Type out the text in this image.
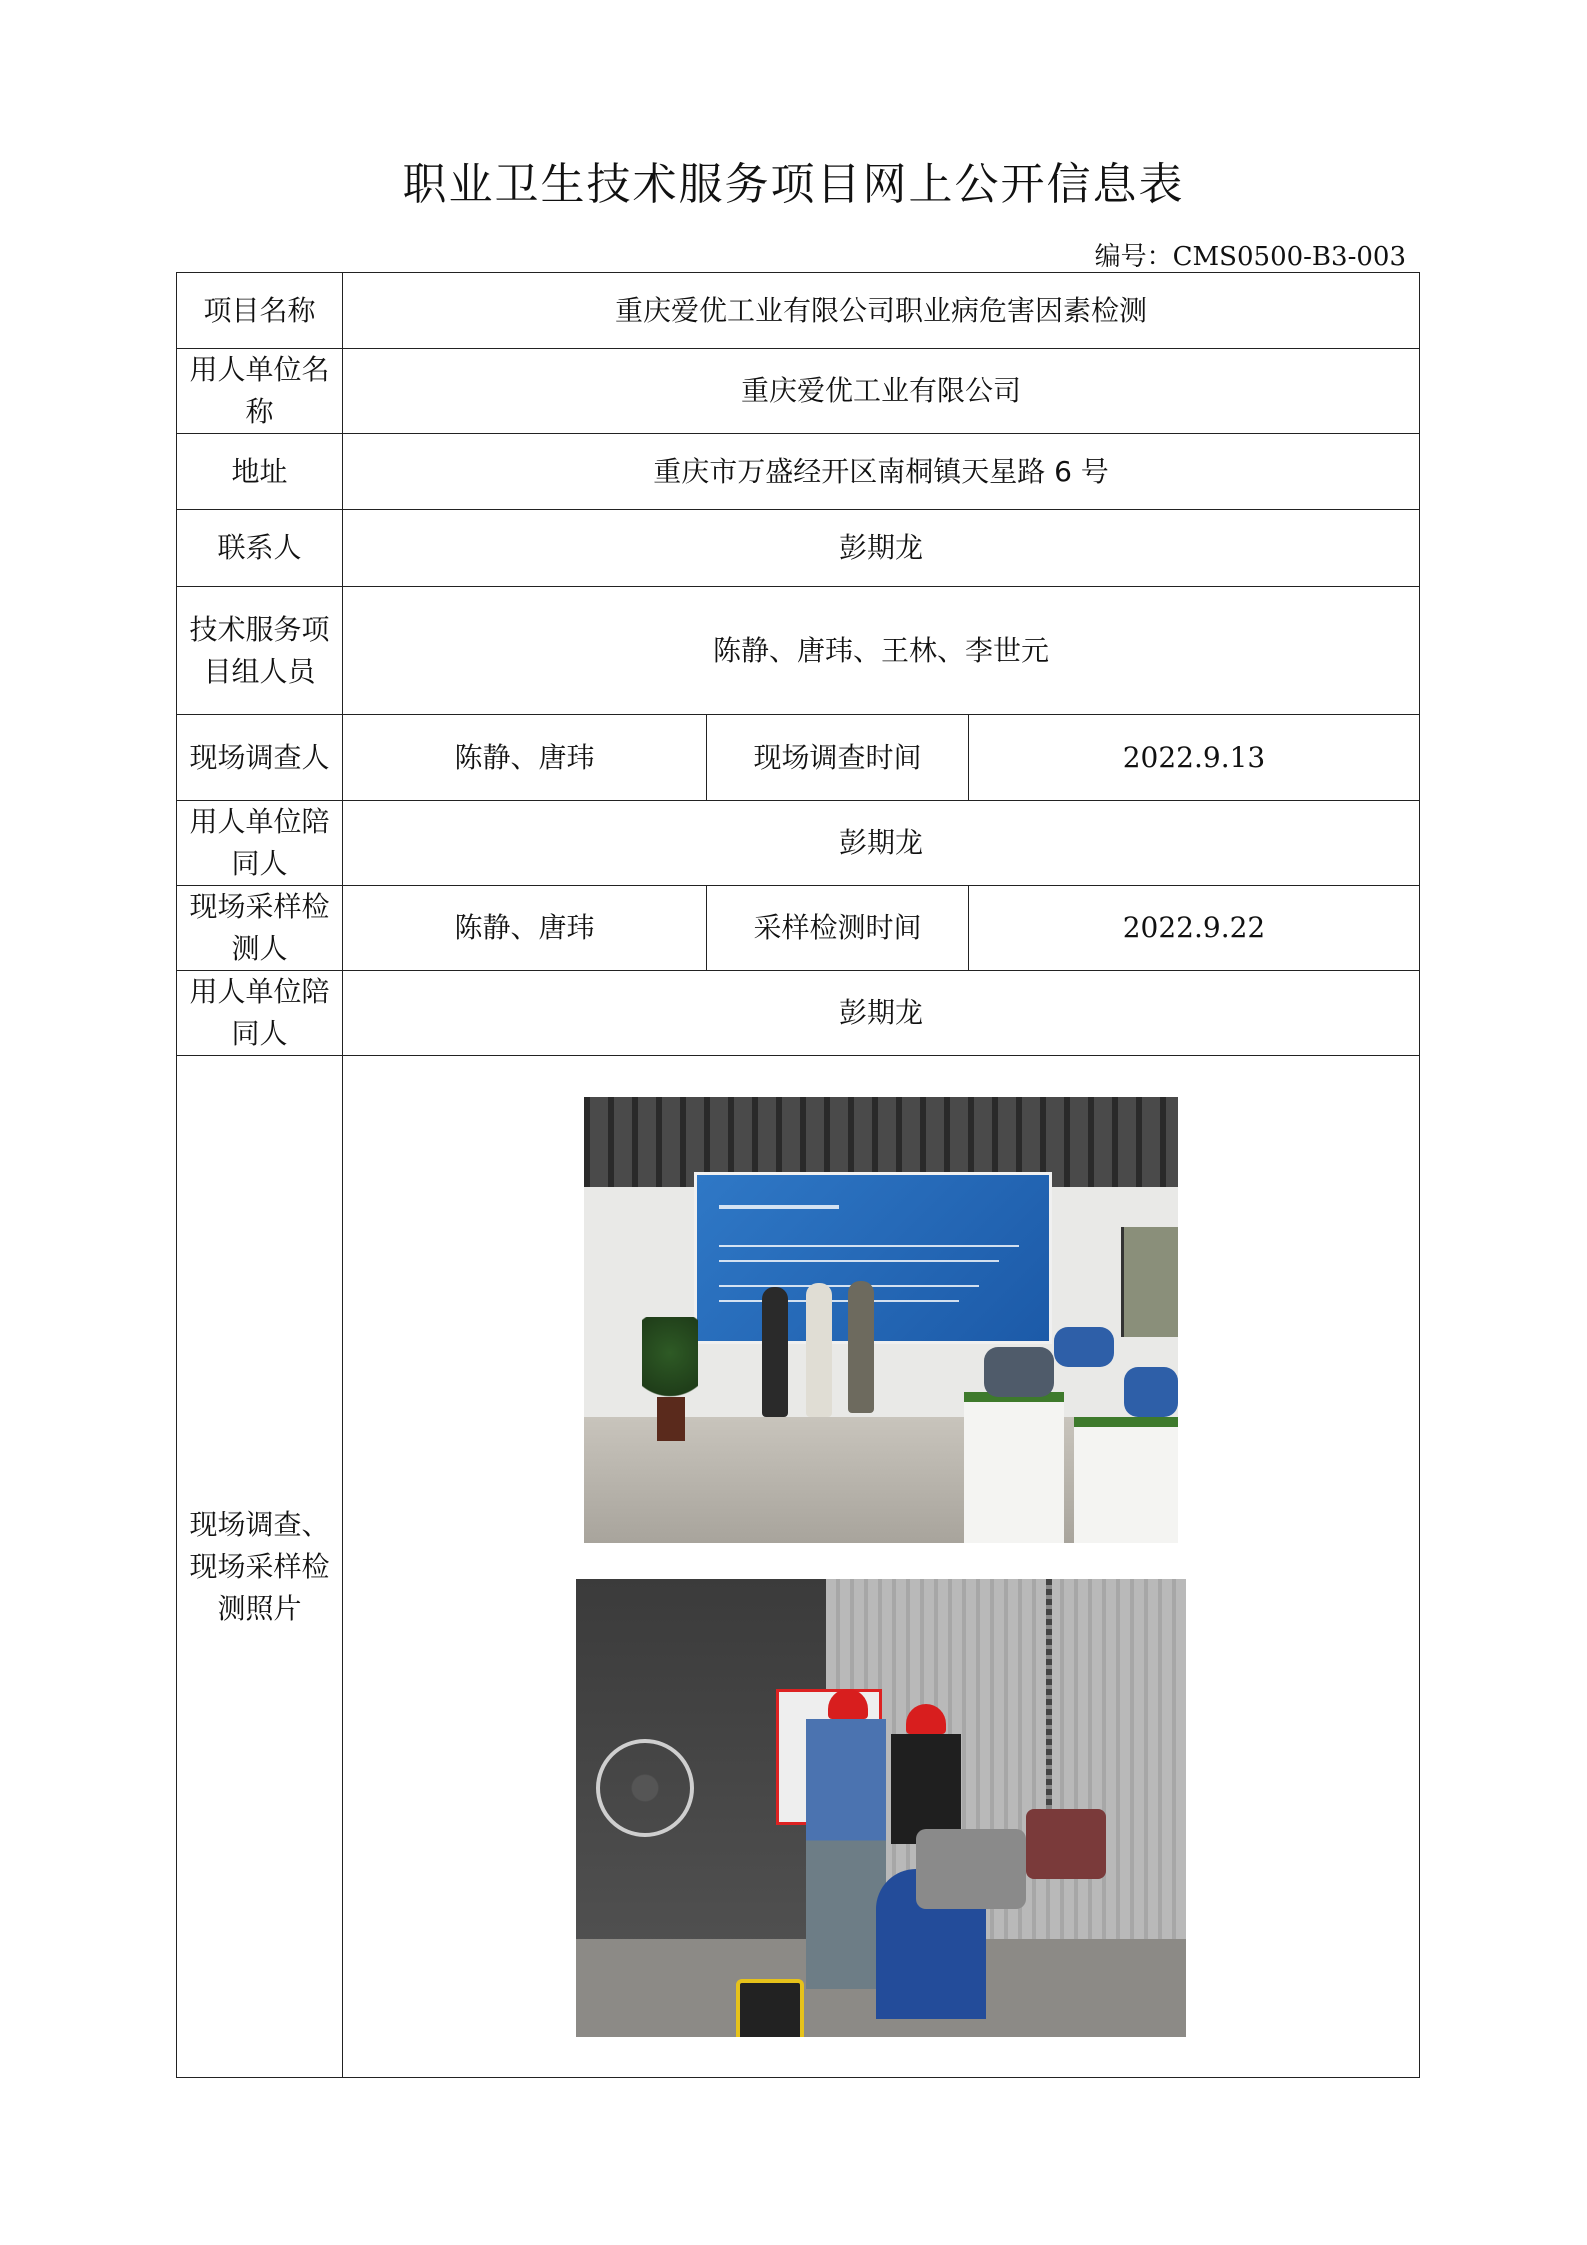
职业卫生技术服务项目网上公开信息表
编号：CMS0500-B3-003
项目名称	重庆爱优工业有限公司职业病危害因素检测		
用人单位名称	重庆爱优工业有限公司		
地址	重庆市万盛经开区南桐镇天星路 6 号		
联系人	彭期龙		
技术服务项目组人员	陈静、唐玮、王林、李世元		
现场调查人	陈静、唐玮	现场调查时间	2022.9.13
用人单位陪同人	彭期龙		
现场采样检测人	陈静、唐玮	采样检测时间	2022.9.22
用人单位陪同人	彭期龙		
现场调查、现场采样检测照片			
